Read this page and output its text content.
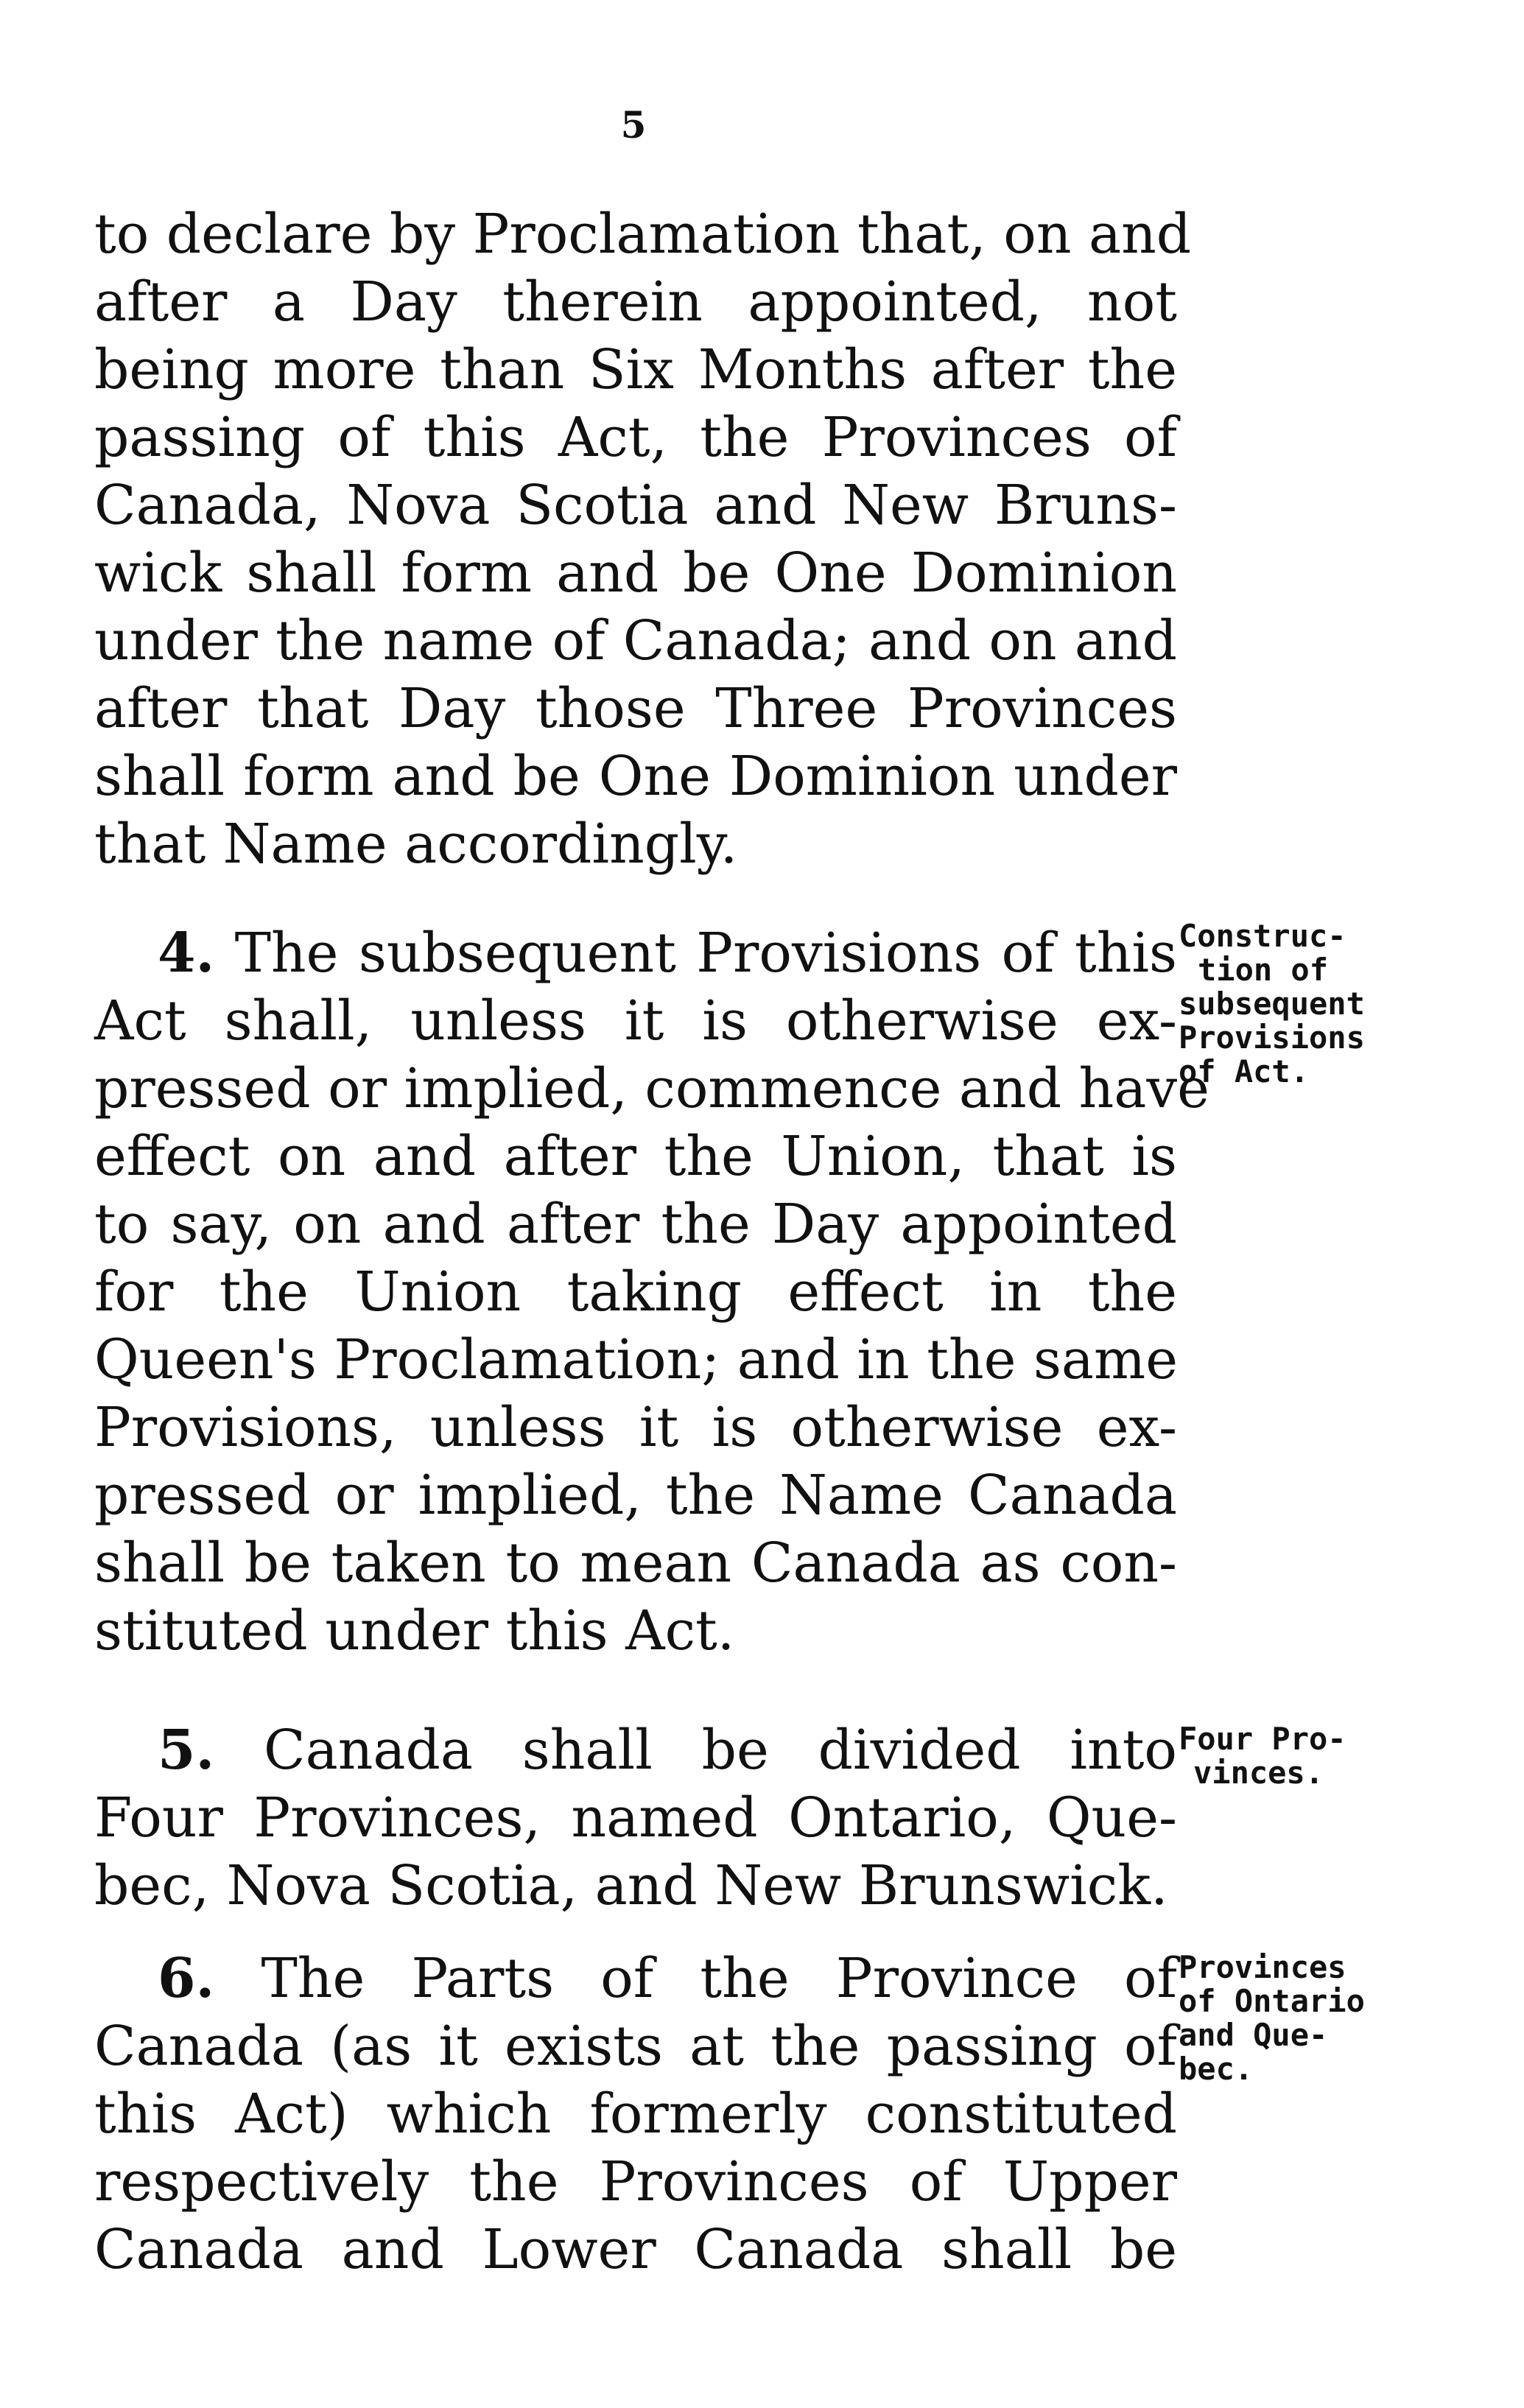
5
to declare by Proclamation that, on and
after a Day therein appointed, not
being more than Six Months after the
passing of this Act, the Provinces of
Canada, Nova Scotia and New Bruns-
wick shall form and be One Dominion
under the name of Canada; and on and
after that Day those Three Provinces
shall form and be One Dominion under
that Name accordingly.
4. The subsequent Provisions of this
Act shall, unless it is otherwise ex-
pressed or implied, commence and have
effect on and after the Union, that is
to say, on and after the Day appointed
for the Union taking effect in the
Queen's Proclamation; and in the same
Provisions, unless it is otherwise ex-
pressed or implied, the Name Canada
shall be taken to mean Canada as con-
stituted under this Act.
Construc-
tion of
subsequent
Provisions
of Act.
5. Canada shall be divided into
Four Provinces, named Ontario, Que-
bec, Nova Scotia, and New Brunswick.
Four Pro-
vinces.
6. The Parts of the Province of
Canada (as it exists at the passing of
this Act) which formerly constituted
respectively the Provinces of Upper
Canada and Lower Canada shall be
Provinces
of Ontario
and Que-
bec.
